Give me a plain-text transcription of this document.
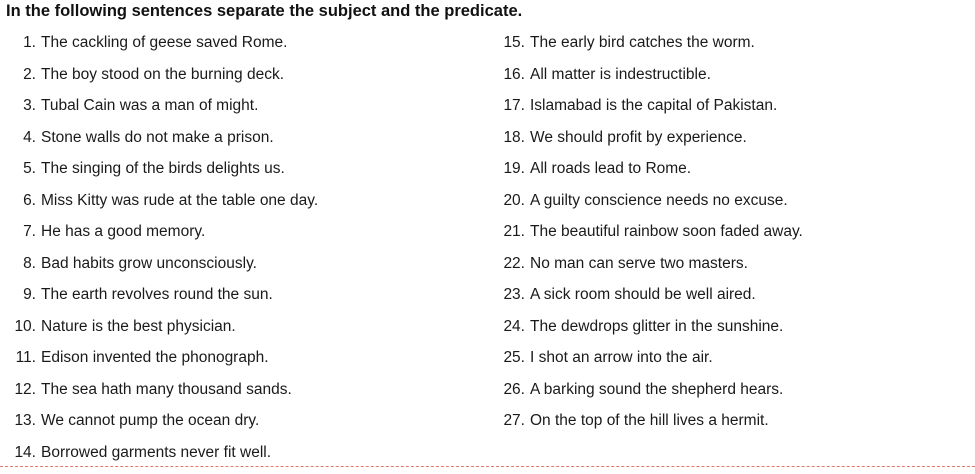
In the following sentences separate the subject and the predicate.
1. The cackling of geese saved Rome.
2. The boy stood on the burning deck.
3. Tubal Cain was a man of might.
4. Stone walls do not make a prison.
5. The singing of the birds delights us.
6. Miss Kitty was rude at the table one day.
7. He has a good memory.
8. Bad habits grow unconsciously.
9. The earth revolves round the sun.
10. Nature is the best physician.
11. Edison invented the phonograph.
12. The sea hath many thousand sands.
13. We cannot pump the ocean dry.
14. Borrowed garments never fit well.
15. The early bird catches the worm.
16. All matter is indestructible.
17. Islamabad is the capital of Pakistan.
18. We should profit by experience.
19. All roads lead to Rome.
20. A guilty conscience needs no excuse.
21. The beautiful rainbow soon faded away.
22. No man can serve two masters.
23. A sick room should be well aired.
24. The dewdrops glitter in the sunshine.
25. I shot an arrow into the air.
26. A barking sound the shepherd hears.
27. On the top of the hill lives a hermit.
